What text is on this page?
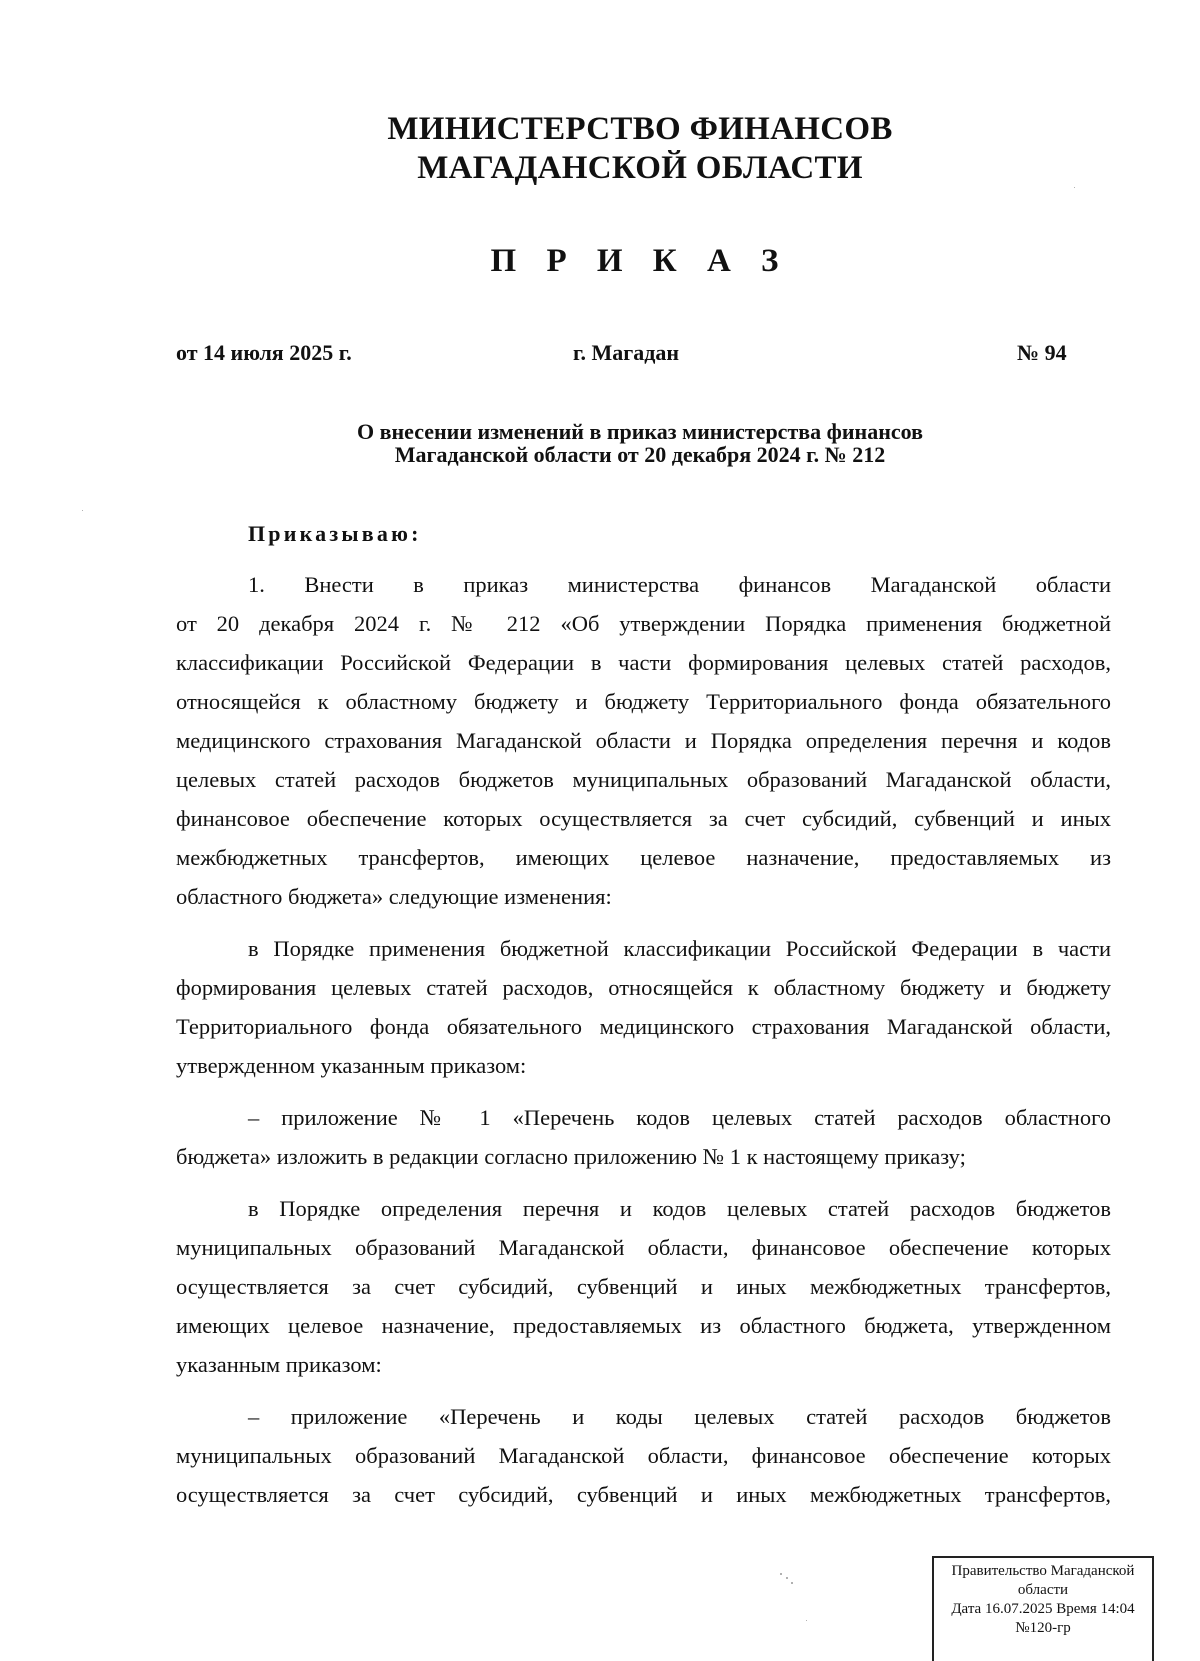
МИНИСТЕРСТВО ФИНАНСОВ
МАГАДАНСКОЙ ОБЛАСТИ
П Р И К А З
от 14 июля 2025 г.	г. Магадан	№ 94
О внесении изменений в приказ министерства финансов
Магаданской области от 20 декабря 2024 г. № 212
Приказываю:
1. Внести в приказ министерства финансов Магаданской области
от 20 декабря 2024 г. № 212 «Об утверждении Порядка применения бюджетной
классификации Российской Федерации в части формирования целевых статей расходов,
относящейся к областному бюджету и бюджету Территориального фонда обязательного
медицинского страхования Магаданской области и Порядка определения перечня и кодов
целевых статей расходов бюджетов муниципальных образований Магаданской области,
финансовое обеспечение которых осуществляется за счет субсидий, субвенций и иных
межбюджетных трансфертов, имеющих целевое назначение, предоставляемых из
областного бюджета» следующие изменения:
в Порядке применения бюджетной классификации Российской Федерации в части
формирования целевых статей расходов, относящейся к областному бюджету и бюджету
Территориального фонда обязательного медицинского страхования Магаданской области,
утвержденном указанным приказом:
– приложение № 1 «Перечень кодов целевых статей расходов областного
бюджета» изложить в редакции согласно приложению № 1 к настоящему приказу;
в Порядке определения перечня и кодов целевых статей расходов бюджетов
муниципальных образований Магаданской области, финансовое обеспечение которых
осуществляется за счет субсидий, субвенций и иных межбюджетных трансфертов,
имеющих целевое назначение, предоставляемых из областного бюджета, утвержденном
указанным приказом:
– приложение «Перечень и коды целевых статей расходов бюджетов
муниципальных образований Магаданской области, финансовое обеспечение которых
осуществляется за счет субсидий, субвенций и иных межбюджетных трансфертов,
Правительство Магаданской
области
Дата 16.07.2025 Время 14:04
№120-гр
